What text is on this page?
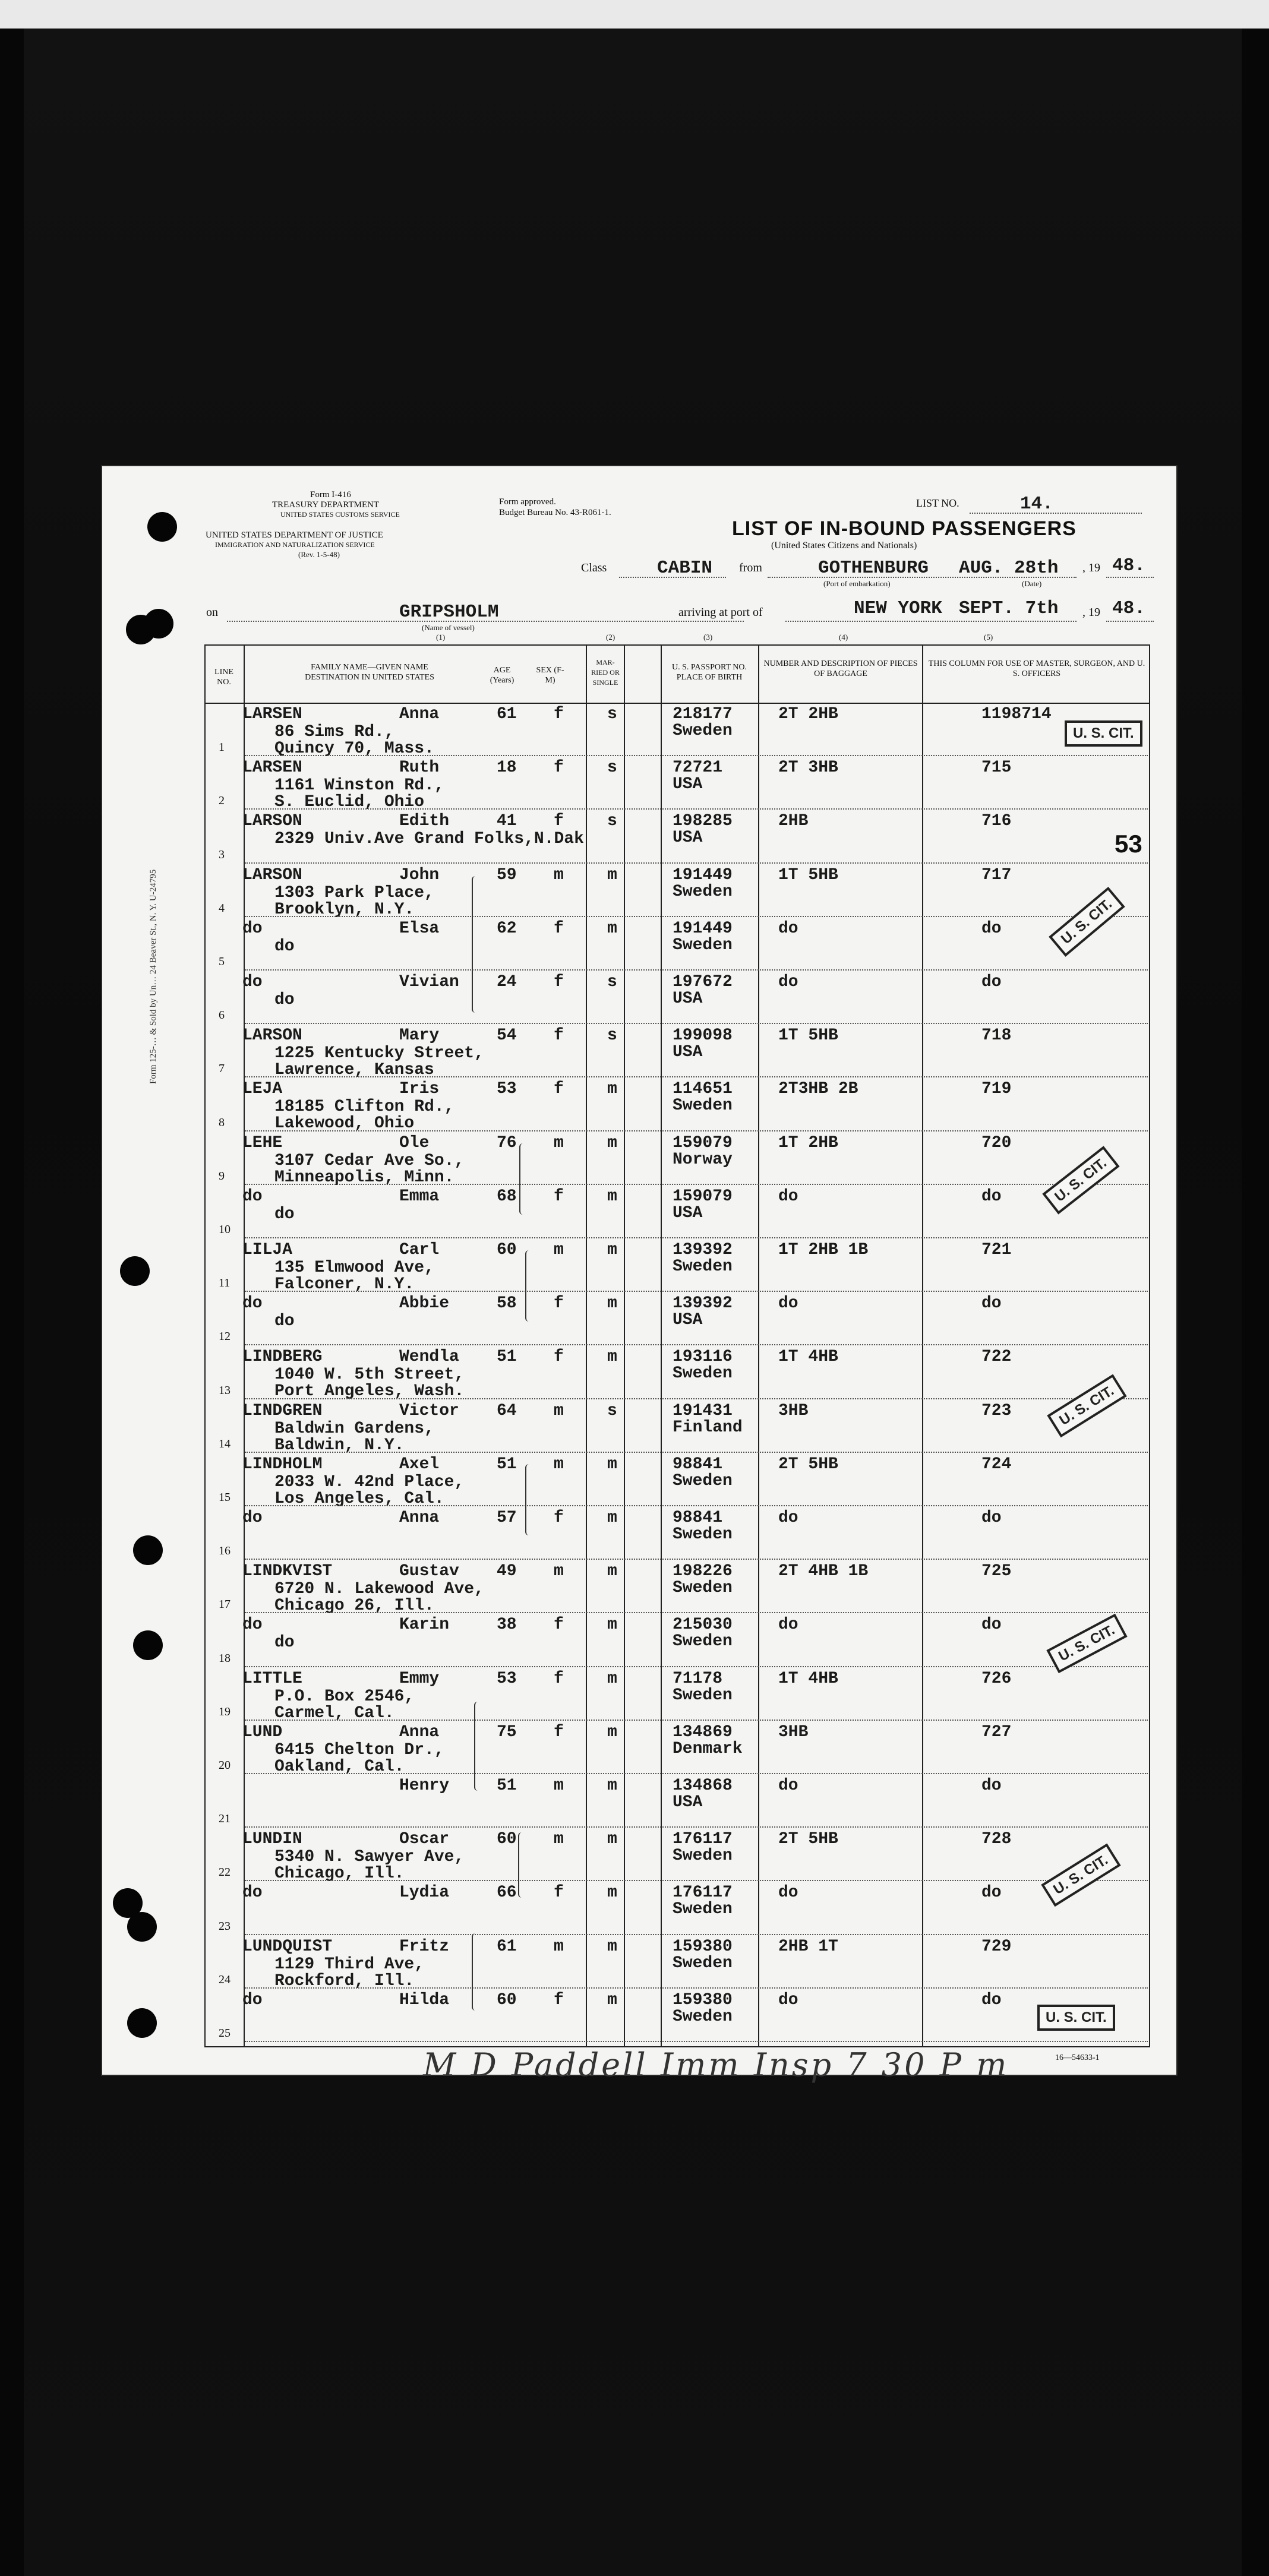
Form 125-… & Sold by Un… 24 Beaver St., N. Y. U-24795
Form I-416
TREASURY DEPARTMENT
UNITED STATES CUSTOMS SERVICE
UNITED STATES DEPARTMENT OF JUSTICE
IMMIGRATION AND NATURALIZATION SERVICE
(Rev. 1-5-48)
Form approved.
Budget Bureau No. 43-R061-1.
LIST NO.	14.
LIST OF IN-BOUND PASSENGERS
(United States Citizens and Nationals)
Class	CABIN from	GOTHENBURG
(Port of embarkation)
AUG. 28th
(Date)
, 19 48.
on	GRIPSHOLM
(Name of vessel)
(1)
arriving at port of	NEW YORK SEPT. 7th , 19 48.
(2)	(3)	(4)	(5)
LINE NO.
FAMILY NAME—GIVEN NAME DESTINATION IN UNITED STATES
AGE (Years)
SEX (F-M)
MAR-RIED OR SINGLE
U. S. PASSPORT NO. PLACE OF BIRTH
NUMBER AND DESCRIPTION OF PIECES OF BAGGAGE
THIS COLUMN FOR USE OF MASTER, SURGEON, AND U. S. OFFICERS
LARSEN	Anna
86 Sims Rd.,
Quincy 70, Mass.
61 f	s	218177
Sweden
2T 2HB	1198714
1
LARSEN	Ruth
1161 Winston Rd.,
S. Euclid, Ohio
18 f	s	72721
USA
2T 3HB	715
2
LARSON	Edith
2329 Univ.Ave Grand Folks,N.Dak
41 f	s	198285
USA
2HB	716
3
LARSON	John
1303 Park Place,
Brooklyn, N.Y.
59 m	m	191449
Sweden
1T 5HB	717
4
do	Elsa
do
62 f	m	191449
Sweden
do	do
5
do	Vivian
do
24 f	s	197672
USA
do	do
6
LARSON	Mary
1225 Kentucky Street,
Lawrence, Kansas
54 f	s	199098
USA
1T 5HB	718
7
LEJA	Iris
18185 Clifton Rd.,
Lakewood, Ohio
53 f	m	114651
Sweden
2T3HB 2B	719
8
LEHE	Ole
3107 Cedar Ave So.,
Minneapolis, Minn.
76 m	m	159079
Norway
1T 2HB	720
9
do	Emma
do
68 f	m	159079
USA
do	do
10
LILJA	Carl
135 Elmwood Ave,
Falconer, N.Y.
60 m	m	139392
Sweden
1T 2HB 1B	721
11
do	Abbie
do
58 f	m	139392
USA
do	do
12
LINDBERG	Wendla
1040 W. 5th Street,
Port Angeles, Wash.
51 f	m	193116
Sweden
1T 4HB	722
13
LINDGREN	Victor
Baldwin Gardens,
Baldwin, N.Y.
64 m	s	191431
Finland
3HB	723
14
LINDHOLM	Axel
2033 W. 42nd Place,
Los Angeles, Cal.
51 m	m	98841
Sweden
2T 5HB	724
15
do	Anna	57 f	m	98841
Sweden
do	do
16
LINDKVIST	Gustav
6720 N. Lakewood Ave,
Chicago 26, Ill.
49 m	m	198226
Sweden
2T 4HB 1B	725
17
do	Karin
do
38 f	m	215030
Sweden
do	do
18
LITTLE	Emmy
P.O. Box 2546,
Carmel, Cal.
53 f	m	71178
Sweden
1T 4HB	726
19
LUND	Anna
6415 Chelton Dr.,
Oakland, Cal.
75 f	m	134869
Denmark
3HB	727
20
Henry	51 m	m	134868
USA
do	do
21
LUNDIN	Oscar
5340 N. Sawyer Ave,
Chicago, Ill.
60 m	m	176117
Sweden
2T 5HB	728
22
do	Lydia	66 f	m	176117
Sweden
do	do
23
LUNDQUIST	Fritz
1129 Third Ave,
Rockford, Ill.
61 m	m	159380
Sweden
2HB 1T	729
24
do	Hilda	60 f	m	159380
Sweden
do	do
25
53
U. S. CIT.
U. S. CIT.
U. S. CIT.
U. S. CIT.
U. S. CIT.
U. S. CIT.
U. S. CIT.
M D Paddell Imm Insp 7 30 P m	16—54633-1
